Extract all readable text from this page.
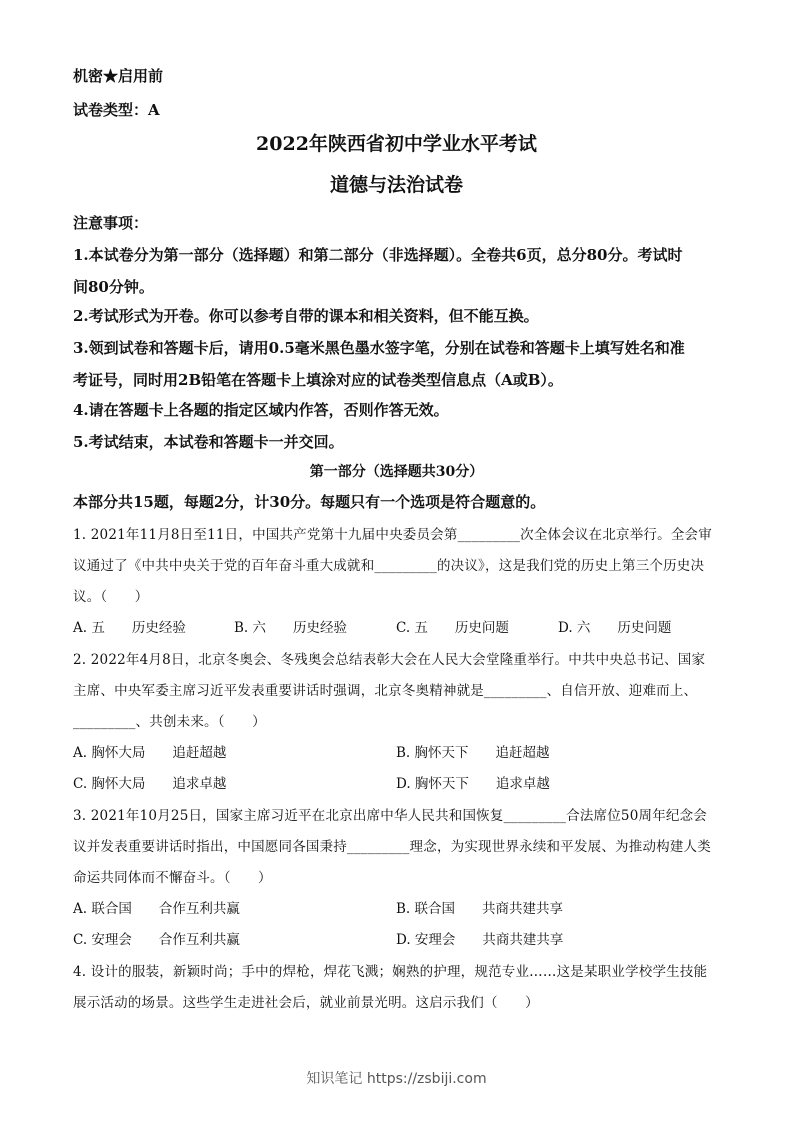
机密★启用前
试卷类型：A
2022年陕西省初中学业水平考试
道德与法治试卷
注意事项：
1.本试卷分为第一部分（选择题）和第二部分（非选择题）。全卷共6页，总分80分。考试时
间80分钟。
2.考试形式为开卷。你可以参考自带的课本和相关资料，但不能互换。
3.领到试卷和答题卡后，请用0.5毫米黑色墨水签字笔，分别在试卷和答题卡上填写姓名和准
考证号，同时用2B铅笔在答题卡上填涂对应的试卷类型信息点（A或B）。
4.请在答题卡上各题的指定区域内作答，否则作答无效。
5.考试结束，本试卷和答题卡一并交回。
第一部分（选择题共30分）
本部分共15题，每题2分，计30分。每题只有一个选项是符合题意的。
1. 2021年11月8日至11日，中国共产党第十九届中央委员会第_________次全体会议在北京举行。全会审
议通过了《中共中央关于党的百年奋斗重大成就和_________的决议》，这是我们党的历史上第三个历史决
议。（　　）
A. 五　　历史经验	B. 六　　历史经验	C. 五　　历史问题	D. 六　　历史问题
2. 2022年4月8日，北京冬奥会、冬残奥会总结表彰大会在人民大会堂隆重举行。中共中央总书记、国家
主席、中央军委主席习近平发表重要讲话时强调，北京冬奥精神就是_________、自信开放、迎难而上、
_________、共创未来。（　　）
A. 胸怀大局　　追赶超越	B. 胸怀天下　　追赶超越
C. 胸怀大局　　追求卓越	D. 胸怀天下　　追求卓越
3. 2021年10月25日，国家主席习近平在北京出席中华人民共和国恢复_________合法席位50周年纪念会
议并发表重要讲话时指出，中国愿同各国秉持_________理念，为实现世界永续和平发展、为推动构建人类
命运共同体而不懈奋斗。（　　）
A. 联合国　　合作互利共赢	B. 联合国　　共商共建共享
C. 安理会　　合作互利共赢	D. 安理会　　共商共建共享
4. 设计的服装，新颖时尚；手中的焊枪，焊花飞溅；娴熟的护理，规范专业……这是某职业学校学生技能
展示活动的场景。这些学生走进社会后，就业前景光明。这启示我们（　　）
知识笔记 https://zsbiji.com
